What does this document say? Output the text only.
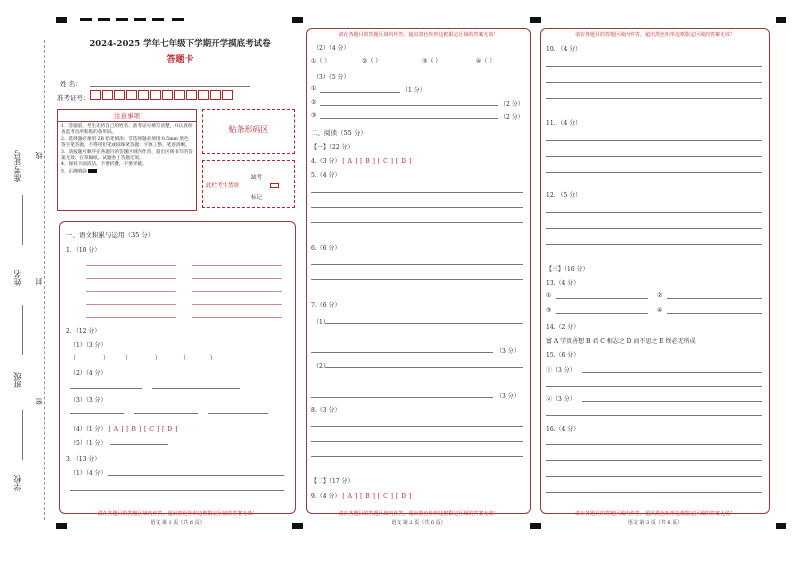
准考证号
姓名
班级
学校
线
封
密
2024-2025 学年七年级下学期开学摸底考试卷
答题卡
姓 名：
准考证号：
注意事项
1．答题前，考生先将自己的姓名、准考证号填写清楚，并认真检查监考员所粘贴的条形码。
2．选择题必须用 2B 铅笔填涂；非选择题必须用 0.5mm 黑色签字笔答题，不得用铅笔或圆珠笔答题；字体工整、笔迹清晰。
3．请按题号顺序在各题目的答题区域内作答，超出区域书写的答案无效；在草稿纸、试题卷上答题无效。
4．保持卡面清洁，不要折叠，不要弄破。
5．正确填涂
贴条形码区
此栏考生禁填
缺考
标记
一、语文积累与运用（35 分）
1．（10 分）
2．（12 分）
（1）（3 分）
（	） （	）	（	）
（2）（4 分）
（3）（3 分）
（4）（1 分） [ A ] [ B ] [ C ] [ D ]
（5）（1 分）
3．（13 分）
（1）（4 分）
请在各题目的答题区域内作答，超出黑色矩形边框限定区域的答案无效！
语文 第 1 页（共 6 页）
请在各题目的答题区域内作答，超出黑色矩形边框限定区域的答案无效！
（2）（4 分）
①（ ）	②（ ）	③（ ）	④（ ）
（3）（5 分）
①	（1 分）
②	（2 分）
③	（2 分）
二、阅读（55 分）
【一】（22 分）
4.（3 分） [ A ] [ B ] [ C ] [ D ]
5.（4 分）
6.（6 分）
7.（6 分）
（1）
（3 分）
（2）
（3 分）
8.（3 分）
【二】（17 分）
9.（4 分） [ A ] [ B ] [ C ] [ D ]
请在各题目的答题区域内作答，超出黑色矩形边框限定区域的答案无效！
语文 第 2 页（共 6 页）
请在各题目的答题区域内作答，超出黑色矩形边框限定区域的答案无效！
10. （4 分）
11. （4 分）
12. （5 分）
【三】（16 分）
13.（4 分）
①	②
③	④
14.（2 分）
富 A 学贵善想 B 君 C 相志之 D 而不思之 E 终必无所成
15.（6 分）
①（3 分）
②（3 分）
16.（4 分）
请在各题目的答题区域内作答，超出黑色矩形边框限定区域的答案无效！
语文 第 3 页（共 6 页）
